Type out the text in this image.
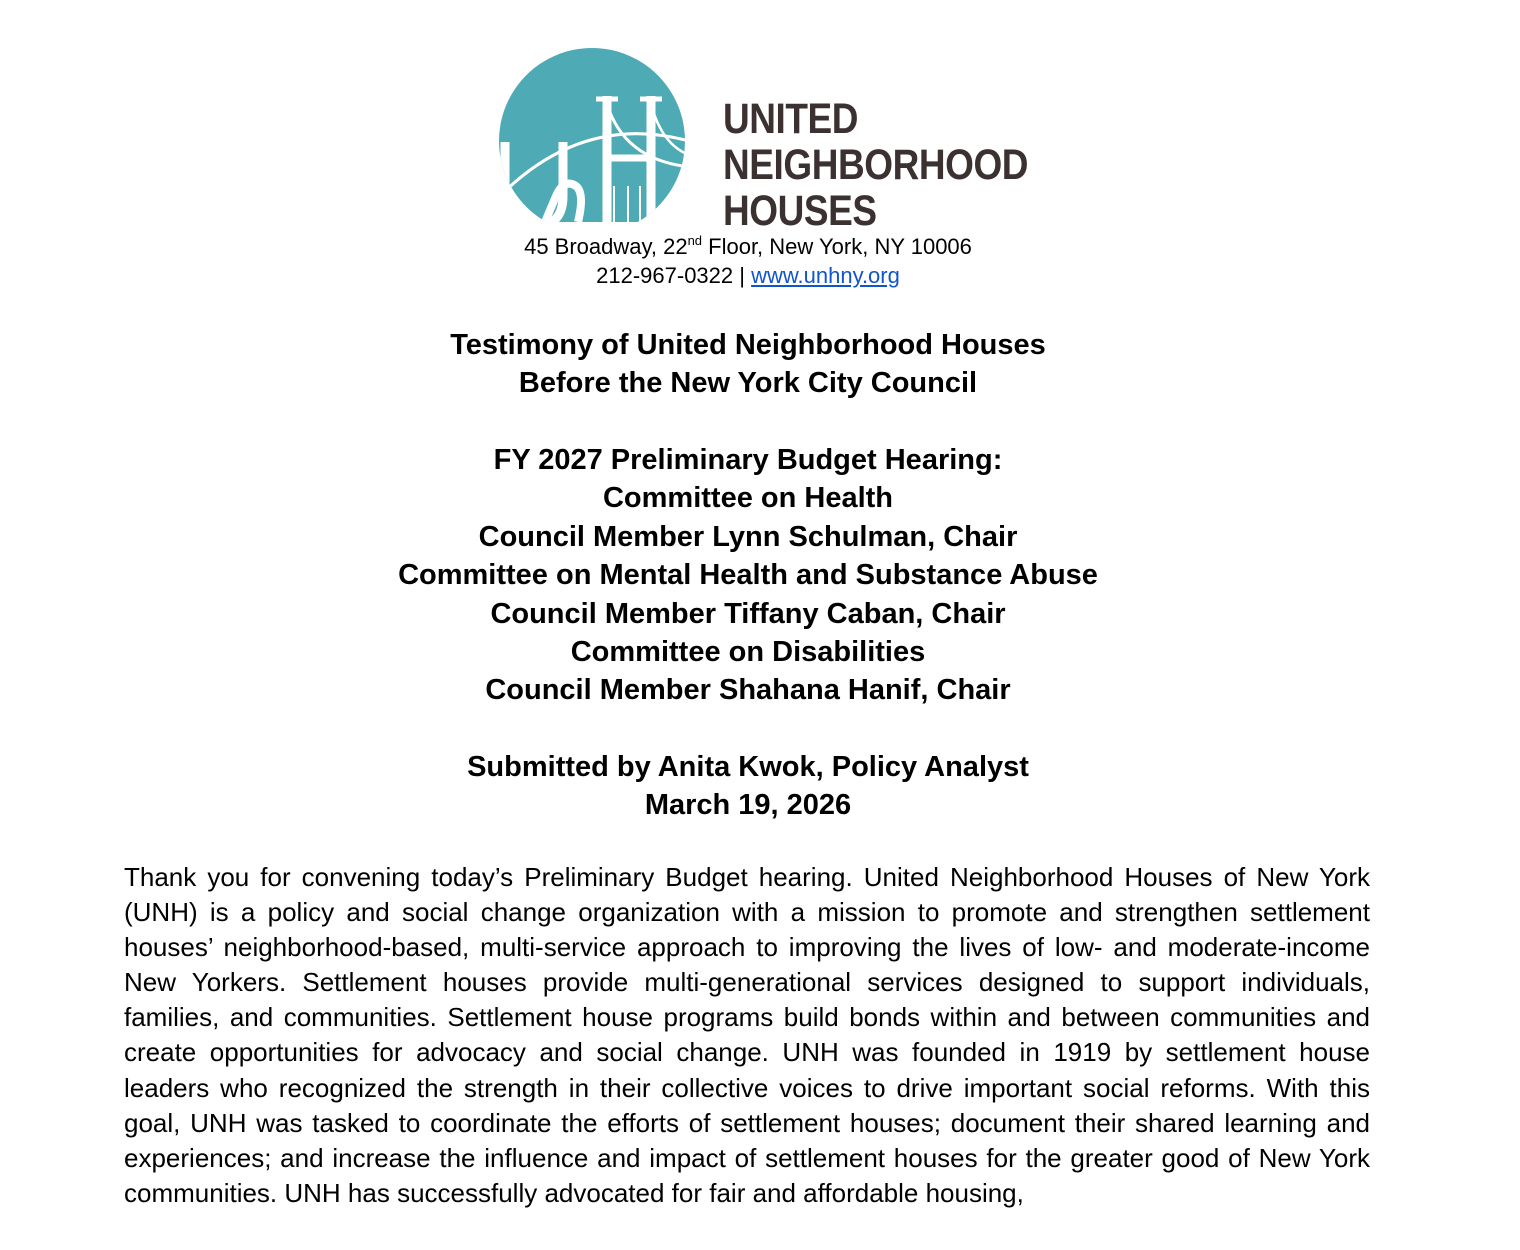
UNITED
NEIGHBORHOOD
HOUSES
45 Broadway, 22nd Floor, New York, NY 10006
212-967-0322 | www.unhny.org
Testimony of United Neighborhood Houses
Before the New York City Council
FY 2027 Preliminary Budget Hearing:
Committee on Health
Council Member Lynn Schulman, Chair
Committee on Mental Health and Substance Abuse
Council Member Tiffany Caban, Chair
Committee on Disabilities
Council Member Shahana Hanif, Chair
Submitted by Anita Kwok, Policy Analyst
March 19, 2026
Thank you for convening today’s Preliminary Budget hearing. United Neighborhood Houses of New York (UNH) is a policy and social change organization with a mission to promote and strengthen settlement houses’ neighborhood-based, multi-service approach to improving the lives of low- and moderate-income New Yorkers. Settlement houses provide multi-generational services designed to support individuals, families, and communities. Settlement house programs build bonds within and between communities and create opportunities for advocacy and social change. UNH was founded in 1919 by settlement house leaders who recognized the strength in their collective voices to drive important social reforms. With this goal, UNH was tasked to coordinate the efforts of settlement houses; document their shared learning and experiences; and increase the influence and impact of settlement houses for the greater good of New York communities. UNH has successfully advocated for fair and affordable housing,
